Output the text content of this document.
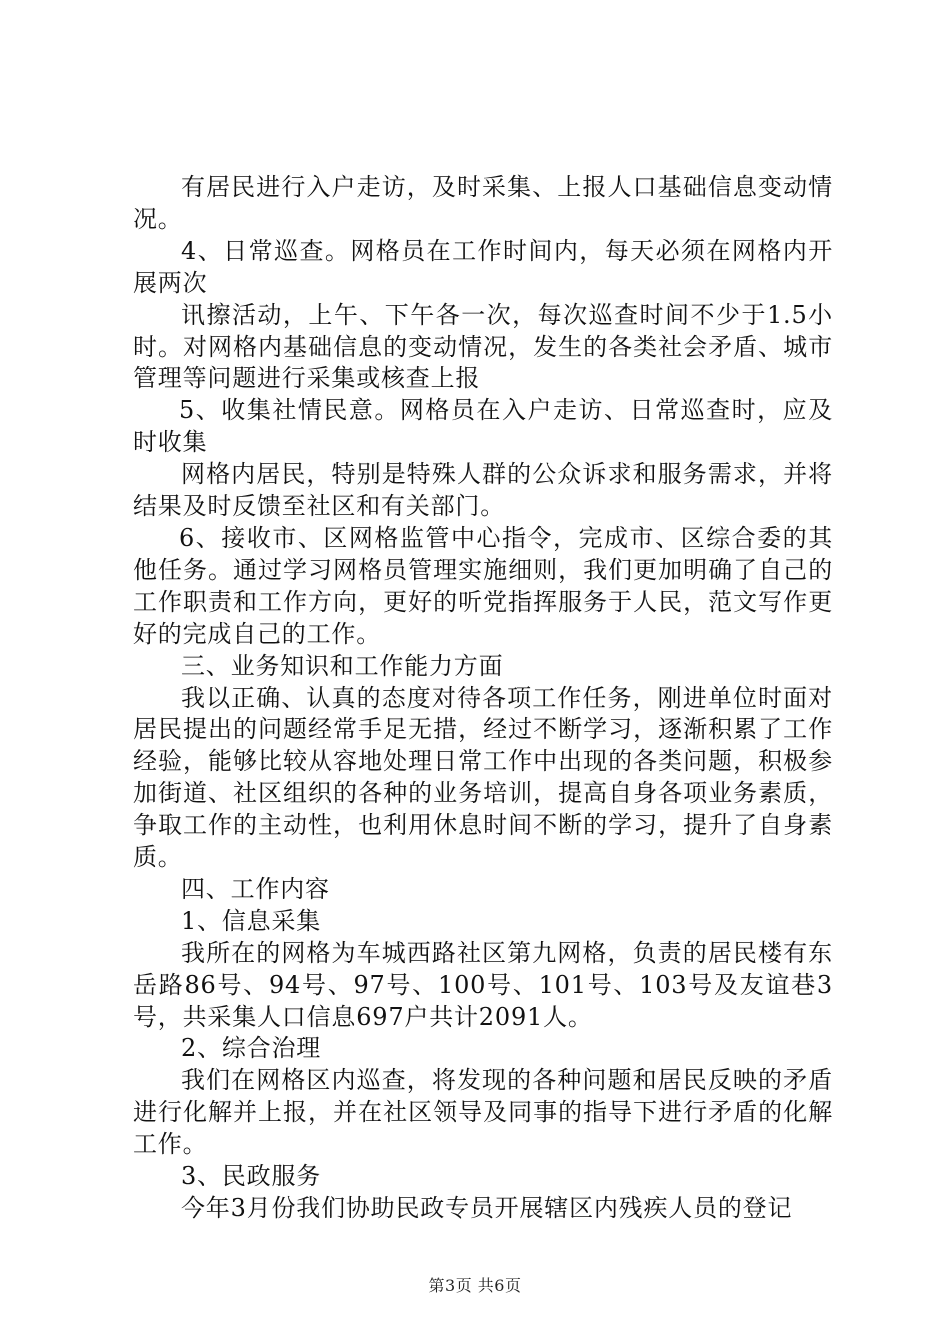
有居民进行入户走访，及时采集、上报人口基础信息变动情况。

4、日常巡查。网格员在工作时间内，每天必须在网格内开展两次

讯擦活动，上午、下午各一次，每次巡查时间不少于1.5小时。对网格内基础信息的变动情况，发生的各类社会矛盾、城市管理等问题进行采集或核查上报

5、收集社情民意。网格员在入户走访、日常巡查时，应及时收集

网格内居民，特别是特殊人群的公众诉求和服务需求，并将结果及时反馈至社区和有关部门。

6、接收市、区网格监管中心指令，完成市、区综合委的其他任务。通过学习网格员管理实施细则，我们更加明确了自己的工作职责和工作方向，更好的听党指挥服务于人民，范文写作更好的完成自己的工作。

三、业务知识和工作能力方面

我以正确、认真的态度对待各项工作任务，刚进单位时面对居民提出的问题经常手足无措，经过不断学习，逐渐积累了工作经验，能够比较从容地处理日常工作中出现的各类问题，积极参加街道、社区组织的各种的业务培训，提高自身各项业务素质，争取工作的主动性，也利用休息时间不断的学习，提升了自身素质。

四、工作内容

1、信息采集

我所在的网格为车城西路社区第九网格，负责的居民楼有东岳路86号、94号、97号、100号、101号、103号及友谊巷3号，共采集人口信息697户共计2091人。

2、综合治理

我们在网格区内巡查，将发现的各种问题和居民反映的矛盾进行化解并上报，并在社区领导及同事的指导下进行矛盾的化解工作。

3、民政服务

今年3月份我们协助民政专员开展辖区内残疾人员的登记

第3页 共6页
